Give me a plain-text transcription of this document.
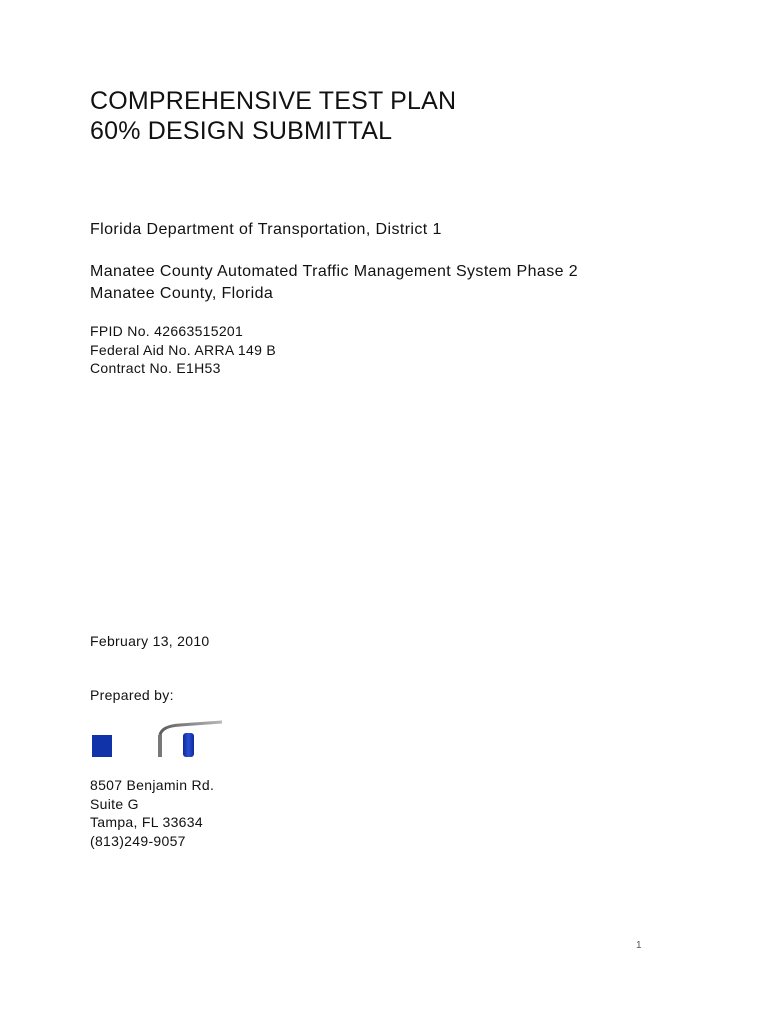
COMPREHENSIVE TEST PLAN
60% DESIGN SUBMITTAL
Florida Department of Transportation, District 1
Manatee County Automated Traffic Management System Phase 2
Manatee County, Florida
FPID No. 42663515201
Federal Aid No. ARRA 149 B
Contract No. E1H53
February 13, 2010
Prepared by:
8507 Benjamin Rd.
Suite G
Tampa, FL 33634
(813)249-9057
1
